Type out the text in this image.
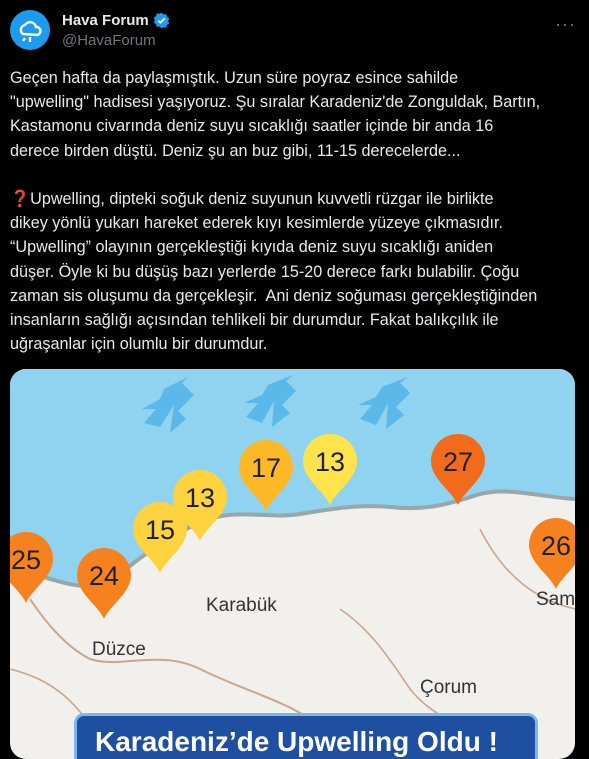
Hava Forum
@HavaForum
···
Geçen hafta da paylaşmıştık. Uzun süre poyraz esince sahilde
"upwelling" hadisesi yaşıyoruz. Şu sıralar Karadeniz'de Zonguldak, Bartın,
Kastamonu civarında deniz suyu sıcaklığı saatler içinde bir anda 16
derece birden düştü. Deniz şu an buz gibi, 11-15 derecelerde...

❓Upwelling, dipteki soğuk deniz suyunun kuvvetli rüzgar ile birlikte
dikey yönlü yukarı hareket ederek kıyı kesimlerde yüzeye çıkmasıdır.
“Upwelling” olayının gerçekleştiği kıyıda deniz suyu sıcaklığı aniden
düşer. Öyle ki bu düşüş bazı yerlerde 15-20 derece farkı bulabilir. Çoğu
zaman sis oluşumu da gerçekleşir.  Ani deniz soğuması gerçekleştiğinden
insanların sağlığı açısından tehlikeli bir durumdur. Fakat balıkçılık ile
uğraşanlar için olumlu bir durumdur.
25
24
15
13
17 13	27
26
Karabük
Düzce
Çorum
Sam
Karadeniz’de Upwelling Oldu !
